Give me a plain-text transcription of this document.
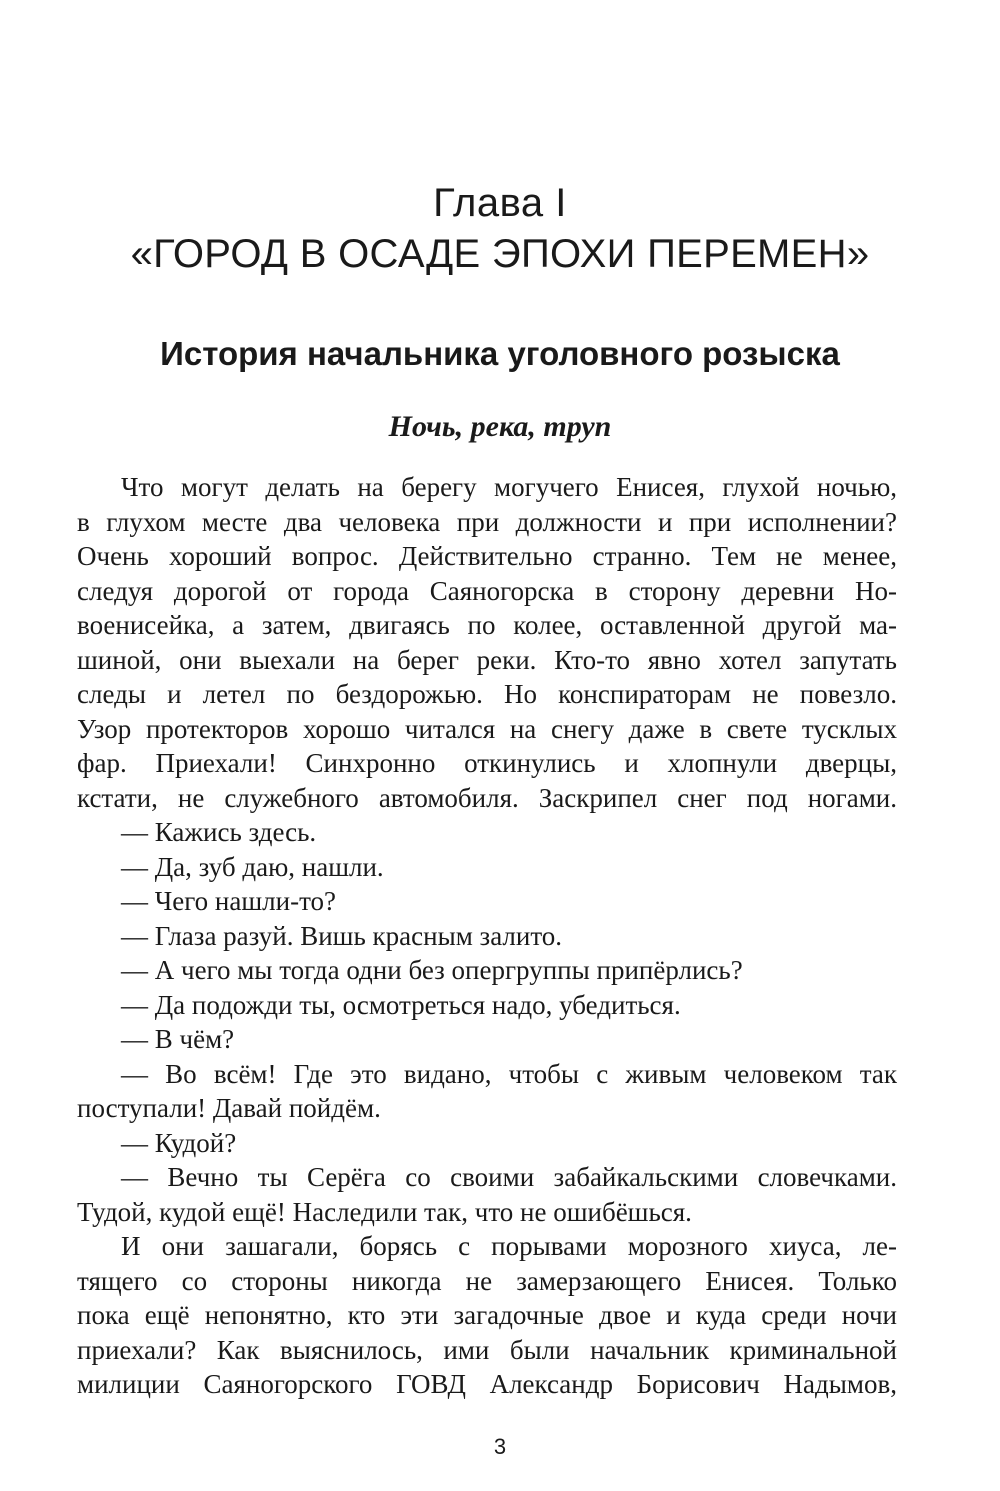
Глава I
«ГОРОД В ОСАДЕ ЭПОХИ ПЕРЕМЕН»
История начальника уголовного розыска
Ночь, река, труп
Что могут делать на берегу могучего Енисея, глухой ночью,
в глухом месте два человека при должности и при исполнении?
Очень хороший вопрос. Действительно странно. Тем не менее,
следуя дорогой от города Саяногорска в сторону деревни Но-
военисейка, а затем, двигаясь по колее, оставленной другой ма-
шиной, они выехали на берег реки. Кто-то явно хотел запутать
следы и летел по бездорожью. Но конспираторам не повезло.
Узор протекторов хорошо читался на снегу даже в свете тусклых
фар. Приехали! Синхронно откинулись и хлопнули дверцы,
кстати, не служебного автомобиля. Заскрипел снег под ногами.
— Кажись здесь.
— Да, зуб даю, нашли.
— Чего нашли-то?
— Глаза разуй. Вишь красным залито.
— А чего мы тогда одни без опергруппы припёрлись?
— Да подожди ты, осмотреться надо, убедиться.
— В чём?
— Во всём! Где это видано, чтобы с живым человеком так
поступали! Давай пойдём.
— Кудой?
— Вечно ты Серёга со своими забайкальскими словечками.
Тудой, кудой ещё! Наследили так, что не ошибёшься.
И они зашагали, борясь с порывами морозного хиуса, ле-
тящего со стороны никогда не замерзающего Енисея. Только
пока ещё непонятно, кто эти загадочные двое и куда среди ночи
приехали? Как выяснилось, ими были начальник криминальной
милиции Саяногорского ГОВД Александр Борисович Надымов,
3
